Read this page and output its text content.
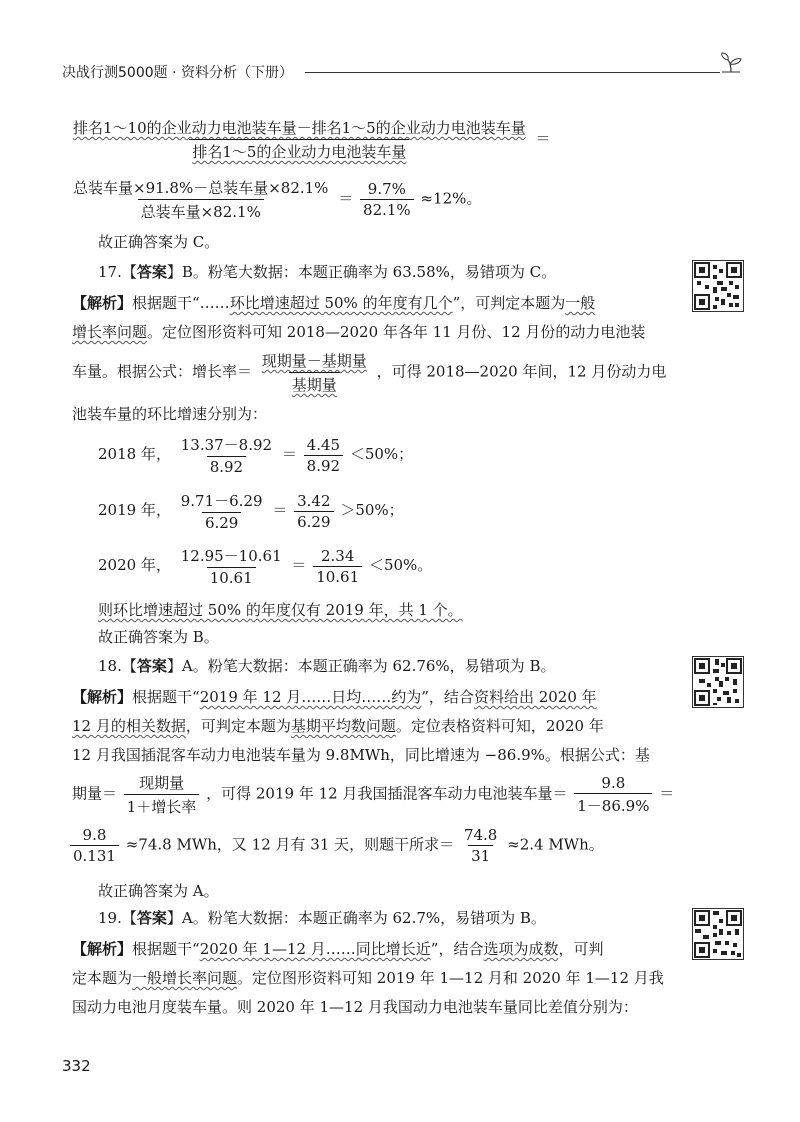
决战行测5000题 · 资料分析（下册）
$\frac{\text{排名1～10的企业动力电池装车量－排名1～5的企业动力电池装车量}}{\text{排名1～5的企业动力电池装车量}}$ ＝
$\frac{\text{总装车量×91.8\%－总装车量×82.1\%}}{\text{总装车量×82.1\%}} = \frac{9.7\%}{82.1\%} \approx 12\%$。
故正确答案为 C。
17.【答案】B。粉笔大数据：本题正确率为 63.58%，易错项为 C。
【解析】根据题干“……环比增速超过 50% 的年度有几个”，可判定本题为一般
增长率问题。定位图形资料可知 2018—2020 年各年 11 月份、12 月份的动力电池装
车量。根据公式：增长率＝ $\frac{\text{现期量－基期量}}{\text{基期量}}$ ，可得 2018—2020 年间，12 月份动力电
池装车量的环比增速分别为：
2018 年， $\frac{13.37-8.92}{8.92} = \frac{4.45}{8.92} <50\%$；
2019 年， $\frac{9.71-6.29}{6.29} = \frac{3.42}{6.29} >50\%$；
2020 年， $\frac{12.95-10.61}{10.61} = \frac{2.34}{10.61} <50\%$。
则环比增速超过 50% 的年度仅有 2019 年，共 1 个。
故正确答案为 B。
18.【答案】A。粉笔大数据：本题正确率为 62.76%，易错项为 B。
【解析】根据题干“2019 年 12 月……日均……约为”，结合资料给出 2020 年
12 月的相关数据，可判定本题为基期平均数问题。定位表格资料可知，2020 年
12 月我国插混客车动力电池装车量为 9.8MWh，同比增速为 −86.9%。根据公式：基
期量＝ $\frac{\text{现期量}}{\text{1＋增长率}}$ ，可得 2019 年 12 月我国插混客车动力电池装车量＝ $\frac{9.8}{1-86.9\%}$ ＝
$\frac{9.8}{0.131} \approx 74.8$ MWh，又 12 月有 31 天，则题干所求＝ $\frac{74.8}{31} \approx 2.4$ MWh。
故正确答案为 A。
19.【答案】A。粉笔大数据：本题正确率为 62.7%，易错项为 B。
【解析】根据题干“2020 年 1—12 月……同比增长近”，结合选项为成数，可判
定本题为一般增长率问题。定位图形资料可知 2019 年 1—12 月和 2020 年 1—12 月我
国动力电池月度装车量。则 2020 年 1—12 月我国动力电池装车量同比差值分别为：
332
